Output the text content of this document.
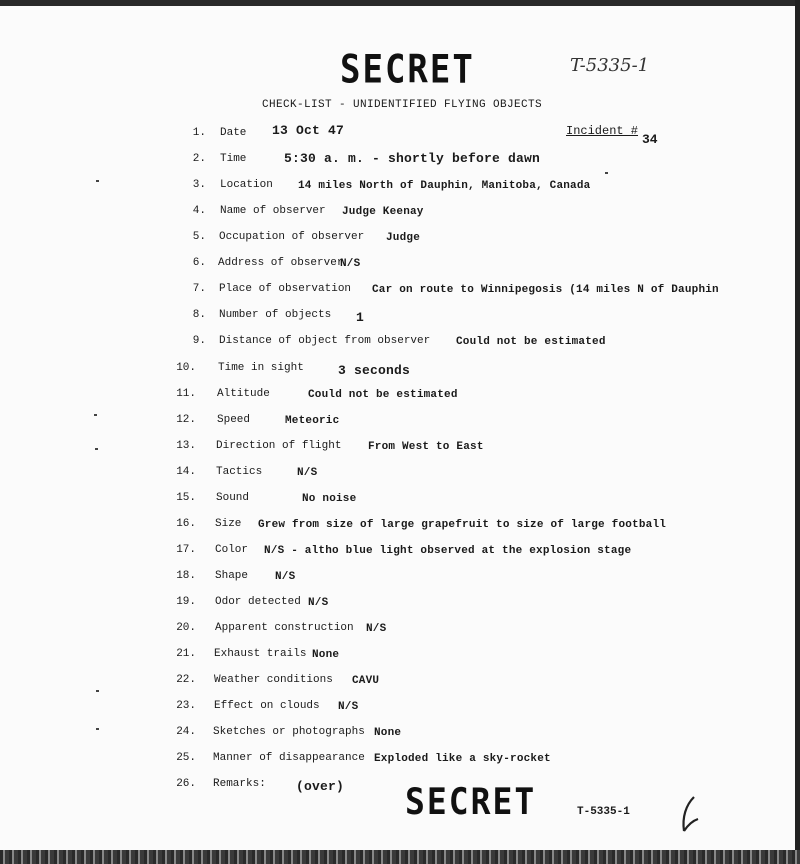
SECRET	T-5335-1
CHECK-LIST - UNIDENTIFIED FLYING OBJECTS
Incident #
34
1. Date 13 Oct 47
2. Time	5:30 a. m. - shortly before dawn
3. Location 14 miles North of Dauphin, Manitoba, Canada
4. Name of observer Judge Keenay
5. Occupation of observer Judge
6. Address of observer
N/S
7. Place of observation Car on route to Winnipegosis (14 miles N of Dauphin
8. Number of objects 1
9. Distance of object from observer Could not be estimated
10. Time in sight	3 seconds
11. Altitude	Could not be estimated
12. Speed	Meteoric
13. Direction of flight From West to East
14. Tactics	N/S
15. Sound	No noise
16. Size Grew from size of large grapefruit to size of large football
17. Color N/S - altho blue light observed at the explosion stage
18. Shape N/S
19. Odor detected N/S
20. Apparent construction N/S
21. Exhaust trails None
22. Weather conditions CAVU
23. Effect on clouds N/S
24. Sketches or photographs None
25. Manner of disappearance Exploded like a sky-rocket
26. Remarks: (over) SECRET	T-5335-1
